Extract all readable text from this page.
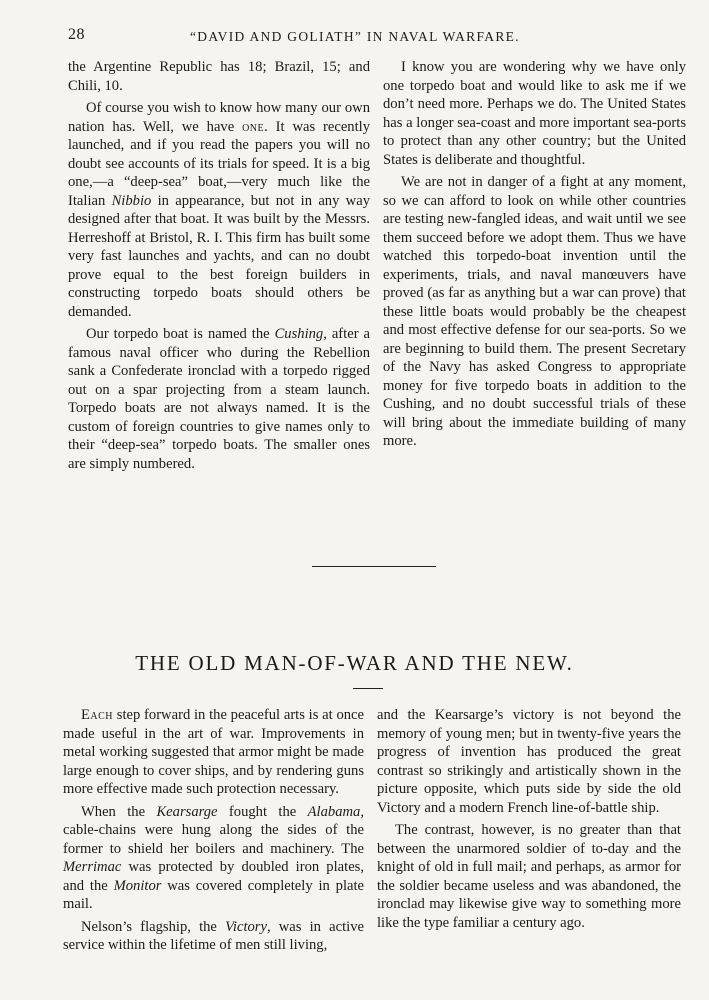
28	“DAVID AND GOLIATH” IN NAVAL WARFARE.

the Argentine Republic has 18; Brazil, 15; and Chili, 10.

Of course you wish to know how many our own nation has. Well, we have one. It was recently launched, and if you read the papers you will no doubt see accounts of its trials for speed. It is a big one,—a “deep-sea” boat,—very much like the Italian Nibbio in appearance, but not in any way designed after that boat. It was built by the Messrs. Herreshoff at Bristol, R. I. This firm has built some very fast launches and yachts, and can no doubt prove equal to the best foreign builders in constructing torpedo boats should others be demanded.

Our torpedo boat is named the Cushing, after a famous naval officer who during the Rebellion sank a Confederate ironclad with a torpedo rigged out on a spar projecting from a steam launch. Torpedo boats are not always named. It is the custom of foreign countries to give names only to their “deep-sea” torpedo boats. The smaller ones are simply numbered.

I know you are wondering why we have only one torpedo boat and would like to ask me if we don’t need more. Perhaps we do. The United States has a longer sea-coast and more important sea-ports to protect than any other country; but the United States is deliberate and thoughtful.

We are not in danger of a fight at any moment, so we can afford to look on while other countries are testing new-fangled ideas, and wait until we see them succeed before we adopt them. Thus we have watched this torpedo-boat invention until the experiments, trials, and naval manœuvers have proved (as far as anything but a war can prove) that these little boats would probably be the cheapest and most effective defense for our sea-ports. So we are beginning to build them. The present Secretary of the Navy has asked Congress to appropriate money for five torpedo boats in addition to the Cushing, and no doubt successful trials of these will bring about the immediate building of many more.

THE OLD MAN-OF-WAR AND THE NEW.

Each step forward in the peaceful arts is at once made useful in the art of war. Improvements in metal working suggested that armor might be made large enough to cover ships, and by rendering guns more effective made such protection necessary.

When the Kearsarge fought the Alabama, cable-chains were hung along the sides of the former to shield her boilers and machinery. The Merrimac was protected by doubled iron plates, and the Monitor was covered completely in plate mail.

Nelson’s flagship, the Victory, was in active service within the lifetime of men still living,

and the Kearsarge’s victory is not beyond the memory of young men; but in twenty-five years the progress of invention has produced the great contrast so strikingly and artistically shown in the picture opposite, which puts side by side the old Victory and a modern French line-of-battle ship.

The contrast, however, is no greater than that between the unarmored soldier of to-day and the knight of old in full mail; and perhaps, as armor for the soldier became useless and was abandoned, the ironclad may likewise give way to something more like the type familiar a century ago.
